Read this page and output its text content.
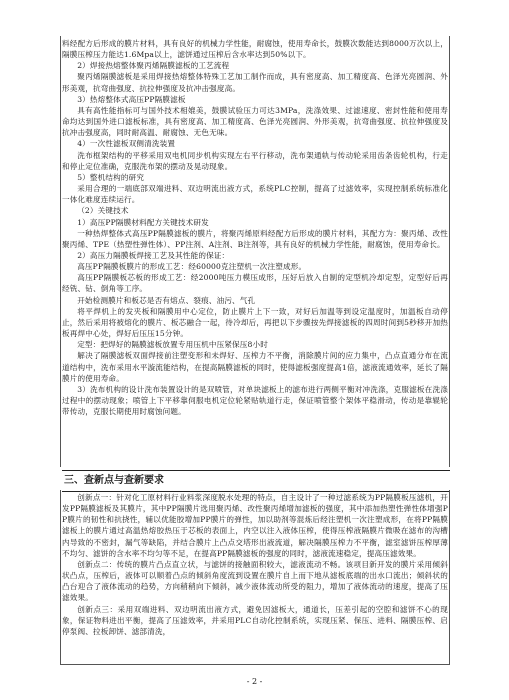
料经配方后形成的膜片材料，具有良好的机械力学性能，耐腐蚀，使用寿命长，鼓膜次数能达到8000万次以上，隔膜压榨压力能达1.6Mpa以上，滤饼通过压榨后含水率达到50%以下。

2）焊接热熔整体聚丙烯隔膜滤板的工艺流程

聚丙烯隔膜滤板是采用焊接热熔整体特殊工艺加工制作而成，具有密度高、加工精度高、色泽光亮圆润、外形美观，抗弯曲强度、抗拉伸强度及抗冲击强度高。

3）热熔整体式高压PP隔膜滤板

具有高性能指标可与国外技术相媲美，鼓膜试验压力可达3MPa，洗涤效果、过滤速度、密封性能和使用寿命均达到国外进口滤板标准，具有密度高、加工精度高、色泽光亮圆润、外形美观，抗弯曲强度、抗拉伸强度及抗冲击强度高，同时耐高温、耐腐蚀、无色无味。

4）一次性滤板双侧清洗装置

洗布框架结构的平移采用双电机同步机构实现左右平行移动，洗布架通轨与传动轮采用齿条齿轮机构，行走和停止定位准确，克服洗布架的摆动及晃动现象。

5）整机结构的研究

采用合理的一端底部双端进料、双边明流出液方式，系统PLC控制，提高了过滤效率，实现控制系统标准化一体化难度连续运行。

（2）关键技术

1）高压PP隔膜材料配方关键技术研发

一种热焊整体式高压PP隔膜滤板的膜片，将聚丙烯原料经配方后形成的膜片材料，其配方为：聚丙烯、改性聚丙烯、TPE（热塑性弹性体）、PP注剂、A注剂、B注剂等，具有良好的机械力学性能，耐腐蚀，使用寿命长。

2）高压力隔膜板焊接工艺及其性能的保证：

高压PP隔膜板膜片的形成工艺：经60000克注塑机一次注塑成形。

高压PP隔膜板芯板的形成工艺：经2000吨压力模压成形，压好后放入自制的定型机冷却定型，定型好后再经铣、钻、倒角等工序。

开始检测膜片和板芯是否有熔点、裂痕、油污、气孔

将平焊机上的发夹板和隔膜用中心定位，防止膜片上下一致，对好后加温等到设定温度时，加温板自动停止，然后采用将被熔化的膜片、板芯融合一起，待冷却后，再把以下步骤按先焊接滤板的四周时间到5秒移开加热板再焊中心处，焊好后压压15分钟。

定型：把焊好的隔膜滤板放置专用压机中压紧保压8小时

解决了隔膜滤板双面焊接前注塑变形和未焊好、压榨力不平衡，消除膜片间的应力集中，凸点直通分布在流道结构中，洗布采用水平漩流能结构，在提高隔膜滤板的同时，使得滤板强度提高1倍，滤液流通效率，延长了隔膜片的使用寿命。

3）洗布机构的设计洗布装置设计的是双喷管，对单块滤板上的滤布进行两侧平衡对冲洗涤，克服滤板在洗涤过程中的摆动现象；喷管上下平移靠伺服电机定位轮紧贴轨道行走，保证喷管整个架体平稳滑动，传动是靠辊轮带传动，克服长期使用时腐蚀问题。

三、查新点与查新要求

创新点一：针对化工原材料行业料浆深度脱水处理的特点，自主设计了一种过滤系统为PP隔膜板压滤机，开发PP隔膜滤板及其膜片，其中PP隔膜片选用聚丙烯、改性聚丙烯增加滤板的强度，其中添加热塑性弹性体增强PP膜片的韧性和抗挠性，辅以优能胶增加PP膜片的弹性，加以助剂等混炼后经注塑机一次注塑成形，在将PP隔膜滤板上的膜片通过高温热熔胶热压于芯板的表面上，内空以注入液体压榨，使得压榨液隔膜片微吸在滤布的沟槽内导致的不密封，漏气等缺陷，并结合膜片上凸点交塔形出液流道，解决隔膜压榨力不平衡，滤室滤饼压榨厚薄不均匀、滤饼的含水率不均匀等不足，在提高PP隔膜滤板的强度的同时，滤液流速稳定，提高压滤效果。

创新点二：传统的膜片凸点直立状，与滤饼的接触面积较大，滤液流动不畅。该项目新开发的膜片采用倾斜状凸点，压榨后，液体可以顺着凸点的倾斜角度流到设置在膜片自上而下地从滤板底端的出水口流出；倾斜状的凸台迎合了液体流动的趋势，方向稍稍向下倾斜，减少液体流动所受的阻力，增加了液体流动的速度，提高了压滤效果。

创新点三：采用双端进料、双边明流出液方式，避免因滤板大，通道长，压差引起的空腔和滤饼不心的现象，保证物料进出平衡，提高了压滤效率，并采用PLC自动化控制系统，实现压紧、保压、进料、隔膜压榨、启停泵阀、拉板卸饼、滤部清洗，

- 2 -
